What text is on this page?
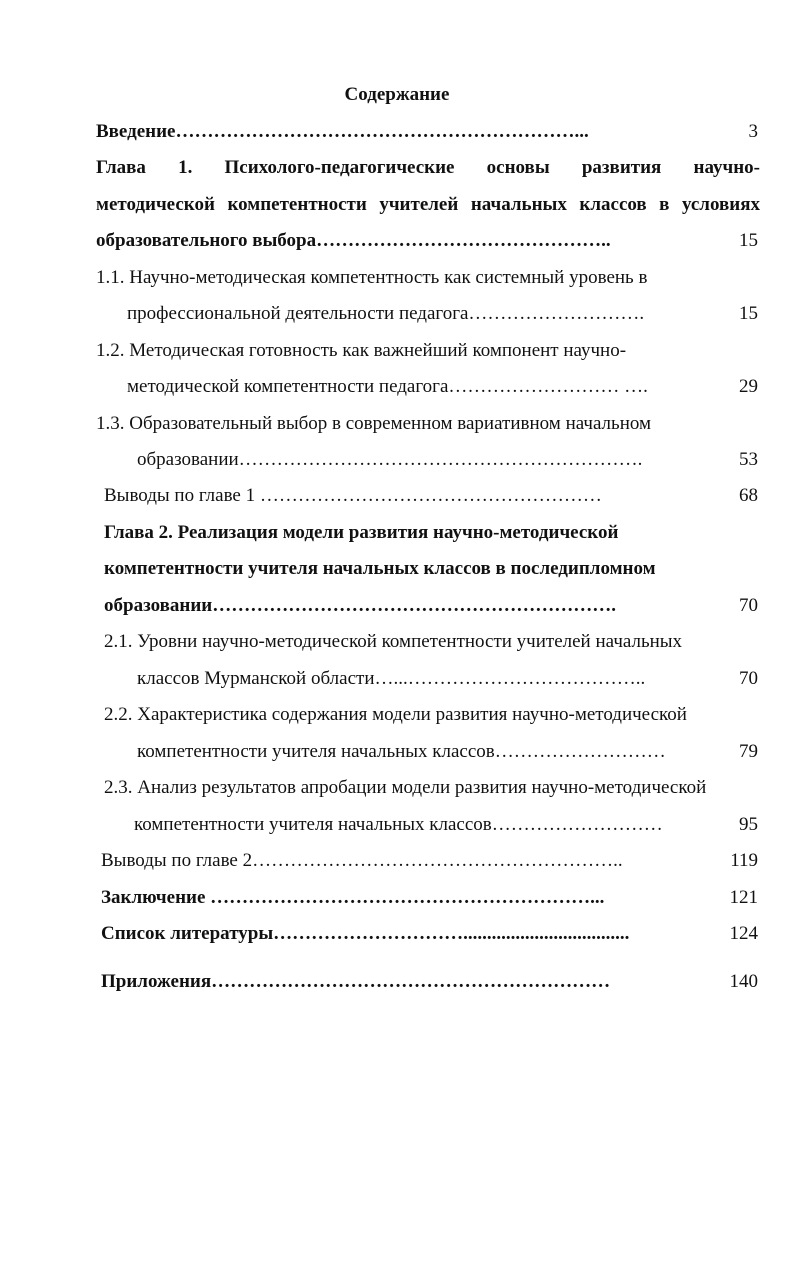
Содержание
Введение………………………………………………………...	3
Глава 1. Психолого-педагогические основы развития научно-
методической компетентности учителей начальных классов в условиях
образовательного выбора………………………………………..	15
1.1. Научно-методическая компетентность как системный уровень в
профессиональной деятельности педагога……………………….	15
1.2. Методическая готовность как важнейший компонент научно-
методической компетентности педагога……………………… ….	29
1.3. Образовательный выбор в современном вариативном начальном
образовании……………………………………………………….	53
Выводы по главе 1 ………………………………………………	68
Глава 2. Реализация модели развития научно-методической
компетентности учителя начальных классов в последипломном
образовании……………………………………………………….	70
2.1. Уровни научно-методической компетентности учителей начальных
классов Мурманской области…...………………………………..	70
2.2. Характеристика содержания модели развития научно-методической
компетентности учителя начальных классов………………………	79
2.3. Анализ результатов апробации модели развития научно-методической
компетентности учителя начальных классов………………………	95
Выводы по главе 2…………………………………………………..	119
Заключение ……………………………………………………...	121
Список литературы…………………………...................................	124
Приложения………………………………………………………	140
